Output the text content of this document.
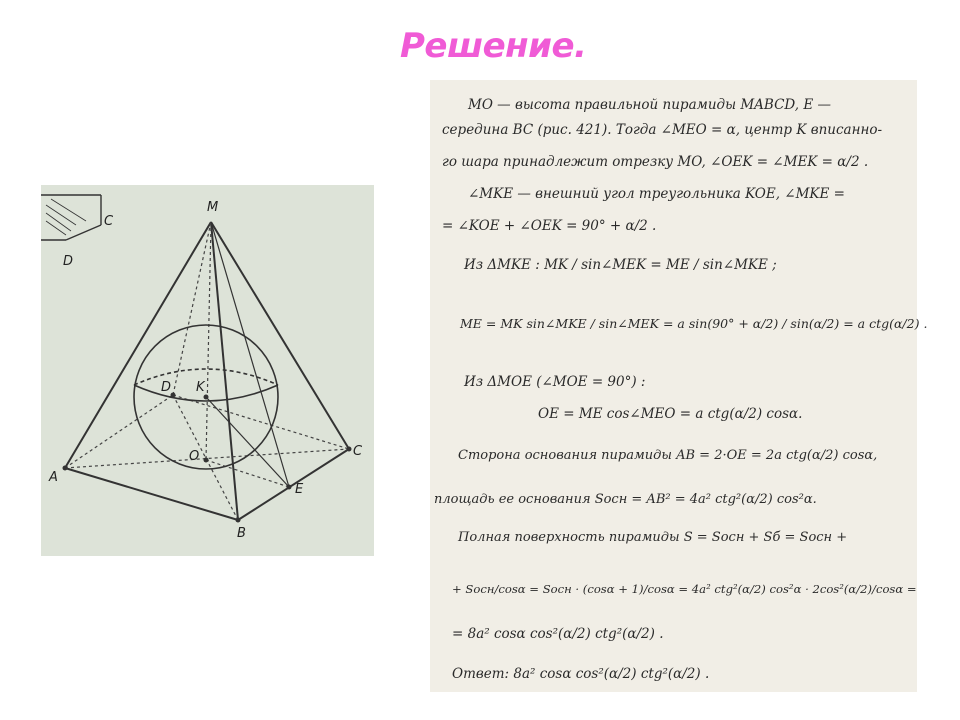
Решение.
M
A
B
C
D
E
O
K
C
D
MO — высота правильной пирамиды MABCD, E —
середина BC (рис. 421). Тогда ∠MEO = α, центр K вписанно-
го шара принадлежит отрезку MO, ∠OEK = ∠MEK = α/2 .
∠MKE — внешний угол треугольника KOE, ∠MKE =
= ∠KOE + ∠OEK = 90° + α/2 .
Из ΔMKE : MK / sin∠MEK = ME / sin∠MKE ;
ME = MK sin∠MKE / sin∠MEK = a sin(90° + α/2) / sin(α/2) = a ctg(α/2) .
Из ΔMOE (∠MOE = 90°) :
OE = ME cos∠MEO = a ctg(α/2) cosα.
Сторона основания пирамиды AB = 2·OE = 2a ctg(α/2) cosα,
площадь ее основания Sосн = AB² = 4a² ctg²(α/2) cos²α.
Полная поверхность пирамиды S = Sосн + Sб = Sосн +
+ Sосн/cosα = Sосн · (cosα + 1)/cosα = 4a² ctg²(α/2) cos²α · 2cos²(α/2)/cosα =
= 8a² cosα cos²(α/2) ctg²(α/2) .
Ответ: 8a² cosα cos²(α/2) ctg²(α/2) .
